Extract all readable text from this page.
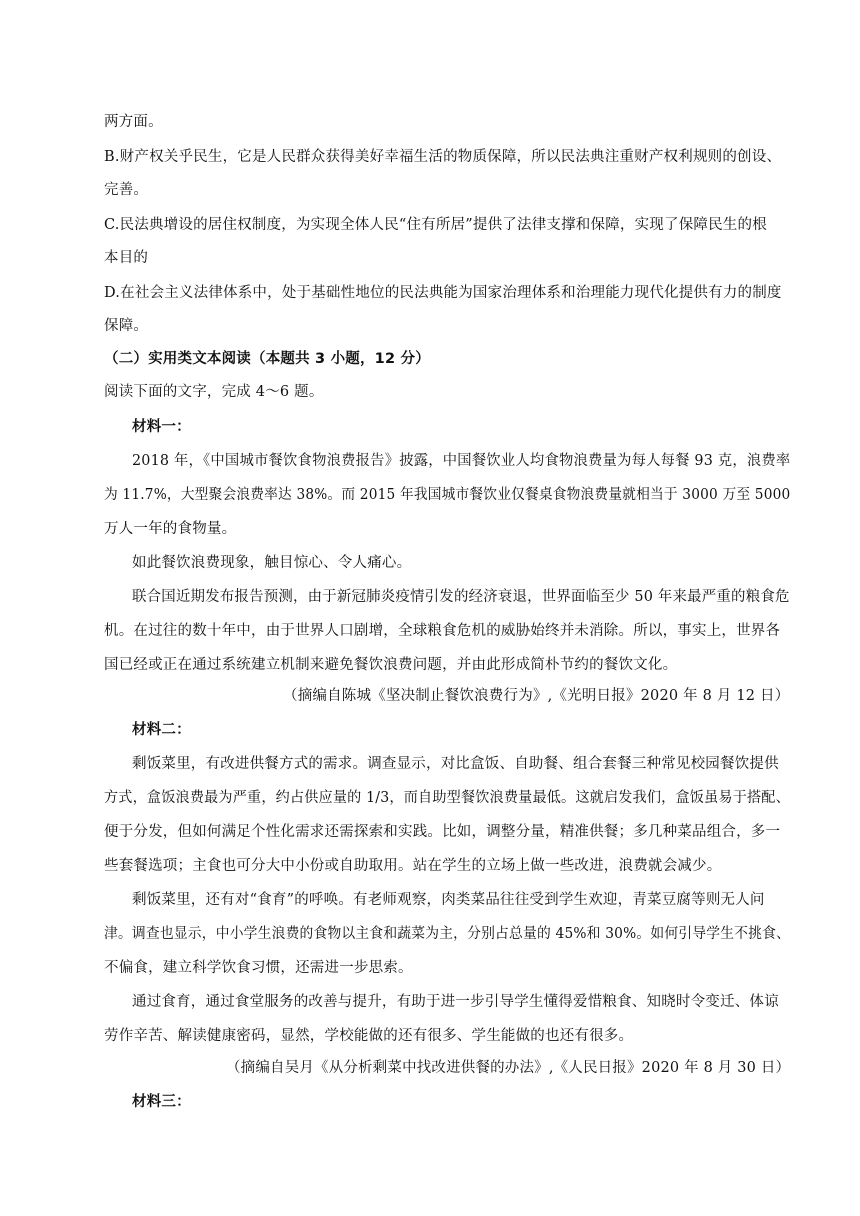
两方面。
B.财产权关乎民生，它是人民群众获得美好幸福生活的物质保障，所以民法典注重财产权利规则的创设、
完善。
C.民法典增设的居住权制度，为实现全体人民“住有所居”提供了法律支撑和保障，实现了保障民生的根
本目的
D.在社会主义法律体系中，处于基础性地位的民法典能为国家治理体系和治理能力现代化提供有力的制度
保障。
（二）实用类文本阅读（本题共 3 小题，12 分）
阅读下面的文字，完成 4～6 题。
材料一：
2018 年，《中国城市餐饮食物浪费报告》披露，中国餐饮业人均食物浪费量为每人每餐 93 克，浪费率
为 11.7%，大型聚会浪费率达 38%。而 2015 年我国城市餐饮业仅餐桌食物浪费量就相当于 3000 万至 5000
万人一年的食物量。
如此餐饮浪费现象，触目惊心、令人痛心。
联合国近期发布报告预测，由于新冠肺炎疫情引发的经济衰退，世界面临至少 50 年来最严重的粮食危
机。在过往的数十年中，由于世界人口剧增，全球粮食危机的威胁始终并未消除。所以，事实上，世界各
国已经或正在通过系统建立机制来避免餐饮浪费问题，并由此形成简朴节约的餐饮文化。
（摘编自陈城《坚决制止餐饮浪费行为》,《光明日报》2020 年 8 月 12 日）
材料二：
剩饭菜里，有改进供餐方式的需求。调查显示，对比盒饭、自助餐、组合套餐三种常见校园餐饮提供
方式，盒饭浪费最为严重，约占供应量的 1/3，而自助型餐饮浪费量最低。这就启发我们，盒饭虽易于搭配、
便于分发，但如何满足个性化需求还需探索和实践。比如，调整分量，精准供餐；多几种菜品组合，多一
些套餐选项；主食也可分大中小份或自助取用。站在学生的立场上做一些改进，浪费就会减少。
剩饭菜里，还有对“食育”的呼唤。有老师观察，肉类菜品往往受到学生欢迎，青菜豆腐等则无人问
津。调查也显示，中小学生浪费的食物以主食和蔬菜为主，分别占总量的 45%和 30%。如何引导学生不挑食、
不偏食，建立科学饮食习惯，还需进一步思索。
通过食育，通过食堂服务的改善与提升，有助于进一步引导学生懂得爱惜粮食、知晓时令变迁、体谅
劳作辛苦、解读健康密码，显然，学校能做的还有很多、学生能做的也还有很多。
（摘编自吴月《从分析剩菜中找改进供餐的办法》,《人民日报》2020 年 8 月 30 日）
材料三：
